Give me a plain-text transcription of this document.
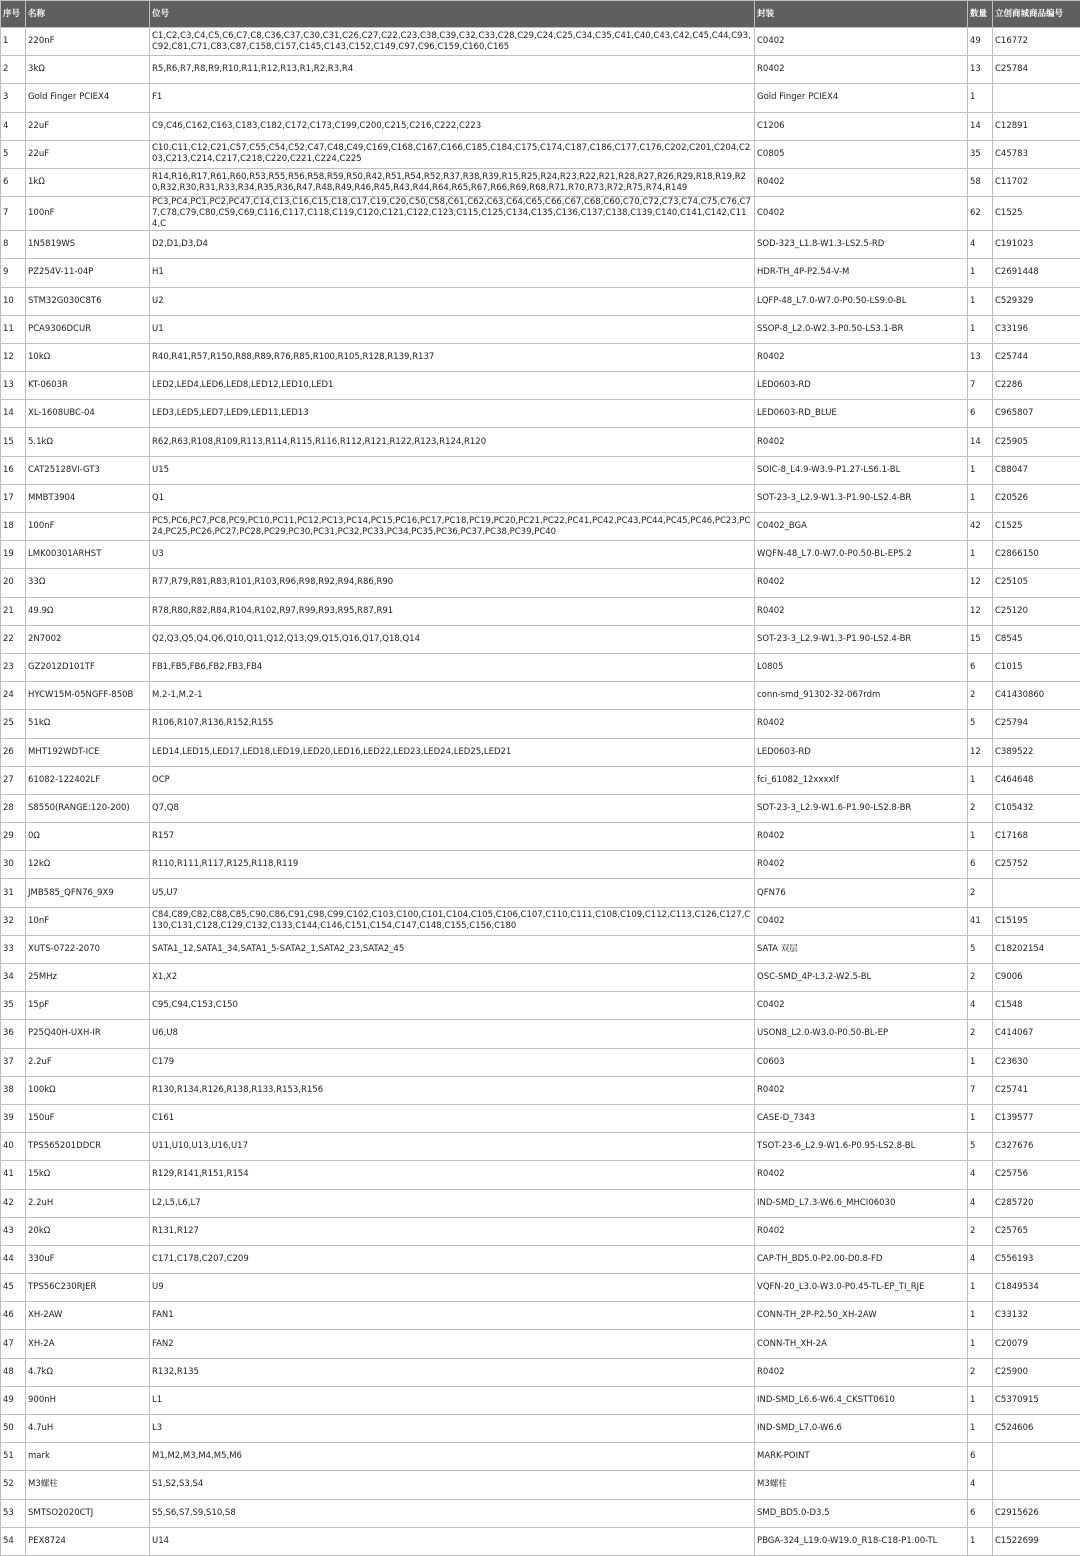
序号	名称	位号	封装	数量	立创商城商品编号
1	220nF	C1,C2,C3,C4,C5,C6,C7,C8,C36,C37,C30,C31,C26,C27,C22,C23,C38,C39,C32,C33,C28,C29,C24,C25,C34,C35,C41,C40,C43,C42,C45,C44,C93,C92,C81,C71,C83,C87,C158,C157,C145,C143,C152,C149,C97,C96,C159,C160,C165	C0402	49	C16772
2	3kΩ	R5,R6,R7,R8,R9,R10,R11,R12,R13,R1,R2,R3,R4	R0402	13	C25784
3	Gold Finger PCIEX4	F1	Gold Finger PCIEX4	1	
4	22uF	C9,C46,C162,C163,C183,C182,C172,C173,C199,C200,C215,C216,C222,C223	C1206	14	C12891
5	22uF	C10,C11,C12,C21,C57,C55,C54,C52,C47,C48,C49,C169,C168,C167,C166,C185,C184,C175,C174,C187,C186,C177,C176,C202,C201,C204,C203,C213,C214,C217,C218,C220,C221,C224,C225	C0805	35	C45783
6	1kΩ	R14,R16,R17,R61,R60,R53,R55,R56,R58,R59,R50,R42,R51,R54,R52,R37,R38,R39,R15,R25,R24,R23,R22,R21,R28,R27,R26,R29,R18,R19,R20,R32,R30,R31,R33,R34,R35,R36,R47,R48,R49,R46,R45,R43,R44,R64,R65,R67,R66,R69,R68,R71,R70,R73,R72,R75,R74,R149	R0402	58	C11702
7	100nF	PC3,PC4,PC1,PC2,PC47,C14,C13,C16,C15,C18,C17,C19,C20,C50,C58,C61,C62,C63,C64,C65,C66,C67,C68,C60,C70,C72,C73,C74,C75,C76,C77,C78,C79,C80,C59,C69,C116,C117,C118,C119,C120,C121,C122,C123,C115,C125,C134,C135,C136,C137,C138,C139,C140,C141,C142,C114,C	C0402	62	C1525
8	1N5819WS	D2,D1,D3,D4	SOD-323_L1.8-W1.3-LS2.5-RD	4	C191023
9	PZ254V-11-04P	H1	HDR-TH_4P-P2.54-V-M	1	C2691448
10	STM32G030C8T6	U2	LQFP-48_L7.0-W7.0-P0.50-LS9.0-BL	1	C529329
11	PCA9306DCUR	U1	SSOP-8_L2.0-W2.3-P0.50-LS3.1-BR	1	C33196
12	10kΩ	R40,R41,R57,R150,R88,R89,R76,R85,R100,R105,R128,R139,R137	R0402	13	C25744
13	KT-0603R	LED2,LED4,LED6,LED8,LED12,LED10,LED1	LED0603-RD	7	C2286
14	XL-1608UBC-04	LED3,LED5,LED7,LED9,LED11,LED13	LED0603-RD_BLUE	6	C965807
15	5.1kΩ	R62,R63,R108,R109,R113,R114,R115,R116,R112,R121,R122,R123,R124,R120	R0402	14	C25905
16	CAT25128VI-GT3	U15	SOIC-8_L4.9-W3.9-P1.27-LS6.1-BL	1	C88047
17	MMBT3904	Q1	SOT-23-3_L2.9-W1.3-P1.90-LS2.4-BR	1	C20526
18	100nF	PC5,PC6,PC7,PC8,PC9,PC10,PC11,PC12,PC13,PC14,PC15,PC16,PC17,PC18,PC19,PC20,PC21,PC22,PC41,PC42,PC43,PC44,PC45,PC46,PC23,PC24,PC25,PC26,PC27,PC28,PC29,PC30,PC31,PC32,PC33,PC34,PC35,PC36,PC37,PC38,PC39,PC40	C0402_BGA	42	C1525
19	LMK00301ARHST	U3	WQFN-48_L7.0-W7.0-P0.50-BL-EP5.2	1	C2866150
20	33Ω	R77,R79,R81,R83,R101,R103,R96,R98,R92,R94,R86,R90	R0402	12	C25105
21	49.9Ω	R78,R80,R82,R84,R104,R102,R97,R99,R93,R95,R87,R91	R0402	12	C25120
22	2N7002	Q2,Q3,Q5,Q4,Q6,Q10,Q11,Q12,Q13,Q9,Q15,Q16,Q17,Q18,Q14	SOT-23-3_L2.9-W1.3-P1.90-LS2.4-BR	15	C8545
23	GZ2012D101TF	FB1,FB5,FB6,FB2,FB3,FB4	L0805	6	C1015
24	HYCW15M-05NGFF-850B	M.2-1,M.2-1	conn-smd_91302-32-067rdm	2	C41430860
25	51kΩ	R106,R107,R136,R152,R155	R0402	5	C25794
26	MHT192WDT-ICE	LED14,LED15,LED17,LED18,LED19,LED20,LED16,LED22,LED23,LED24,LED25,LED21	LED0603-RD	12	C389522
27	61082-122402LF	OCP	fci_61082_12xxxxlf	1	C464648
28	S8550(RANGE:120-200)	Q7,Q8	SOT-23-3_L2.9-W1.6-P1.90-LS2.8-BR	2	C105432
29	0Ω	R157	R0402	1	C17168
30	12kΩ	R110,R111,R117,R125,R118,R119	R0402	6	C25752
31	JMB585_QFN76_9X9	U5,U7	QFN76	2	
32	10nF	C84,C89,C82,C88,C85,C90,C86,C91,C98,C99,C102,C103,C100,C101,C104,C105,C106,C107,C110,C111,C108,C109,C112,C113,C126,C127,C130,C131,C128,C129,C132,C133,C144,C146,C151,C154,C147,C148,C155,C156,C180	C0402	41	C15195
33	XUTS-0722-2070	SATA1_12,SATA1_34,SATA1_5-SATA2_1,SATA2_23,SATA2_45	SATA 双层	5	C18202154
34	25MHz	X1,X2	OSC-SMD_4P-L3.2-W2.5-BL	2	C9006
35	15pF	C95,C94,C153,C150	C0402	4	C1548
36	P25Q40H-UXH-IR	U6,U8	USON8_L2.0-W3.0-P0.50-BL-EP	2	C414067
37	2.2uF	C179	C0603	1	C23630
38	100kΩ	R130,R134,R126,R138,R133,R153,R156	R0402	7	C25741
39	150uF	C161	CASE-D_7343	1	C139577
40	TPS565201DDCR	U11,U10,U13,U16,U17	TSOT-23-6_L2.9-W1.6-P0.95-LS2.8-BL	5	C327676
41	15kΩ	R129,R141,R151,R154	R0402	4	C25756
42	2.2uH	L2,L5,L6,L7	IND-SMD_L7.3-W6.6_MHCI06030	4	C285720
43	20kΩ	R131,R127	R0402	2	C25765
44	330uF	C171,C178,C207,C209	CAP-TH_BD5.0-P2.00-D0.8-FD	4	C556193
45	TPS56C230RJER	U9	VQFN-20_L3.0-W3.0-P0.45-TL-EP_TI_RJE	1	C1849534
46	XH-2AW	FAN1	CONN-TH_2P-P2.50_XH-2AW	1	C33132
47	XH-2A	FAN2	CONN-TH_XH-2A	1	C20079
48	4.7kΩ	R132,R135	R0402	2	C25900
49	900nH	L1	IND-SMD_L6.6-W6.4_CKSTT0610	1	C5370915
50	4.7uH	L3	IND-SMD_L7.0-W6.6	1	C524606
51	mark	M1,M2,M3,M4,M5,M6	MARK-POINT	6	
52	M3螺柱	S1,S2,S3,S4	M3螺柱	4	
53	SMTSO2020CTJ	S5,S6,S7,S9,S10,S8	SMD_BD5.0-D3.5	6	C2915626
54	PEX8724	U14	PBGA-324_L19.0-W19.0_R18-C18-P1.00-TL	1	C1522699
